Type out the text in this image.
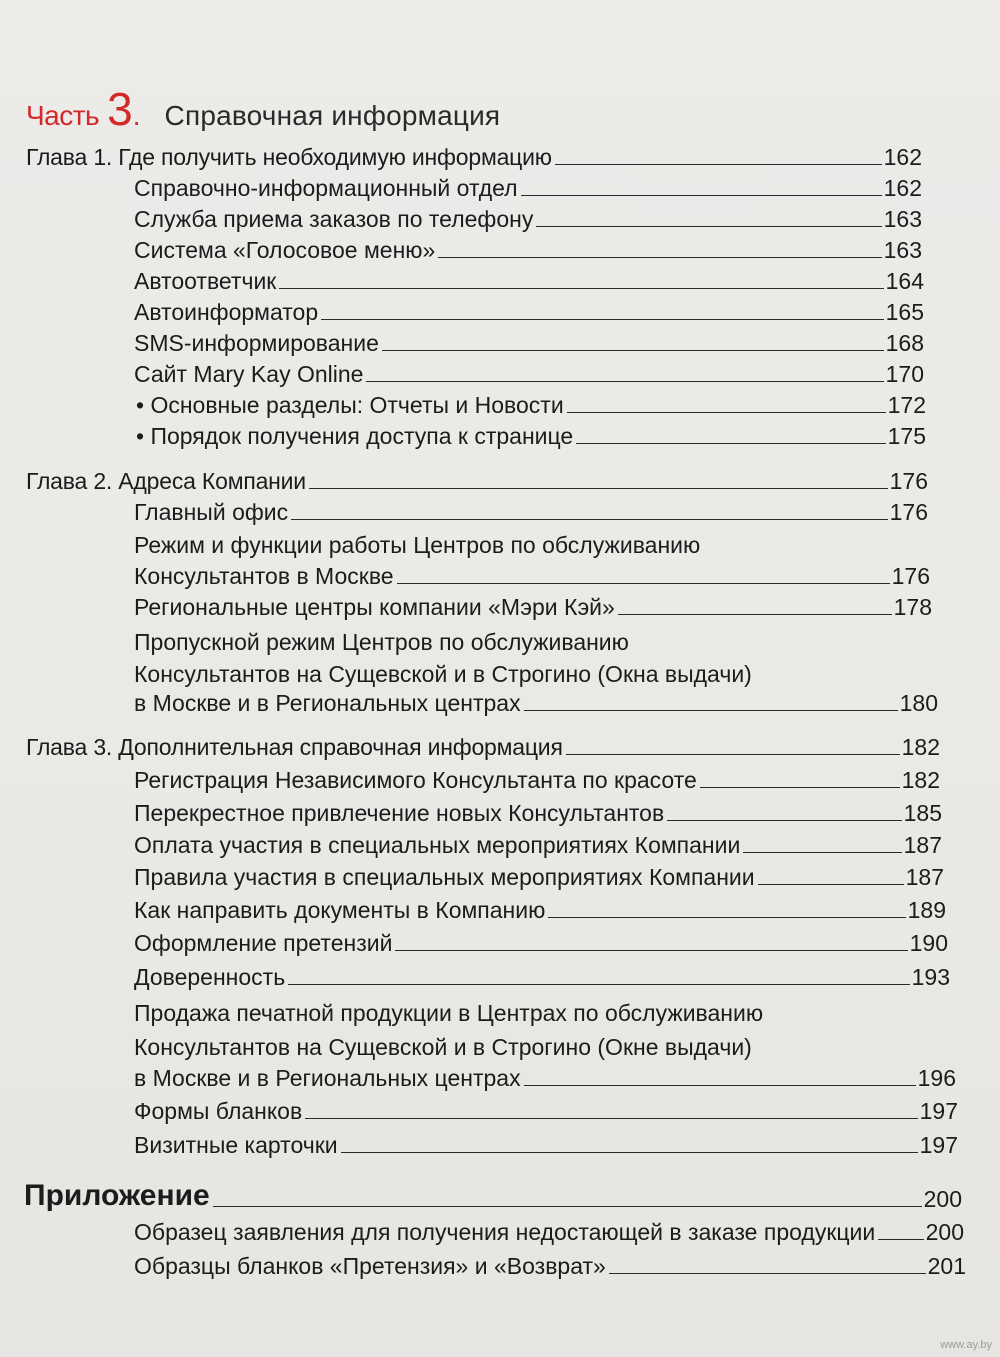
Часть 3 . Справочная информация
Глава 1. Где получить необходимую информацию	162
Справочно-информационный отдел	162
Служба приема заказов по телефону	163
Система «Голосовое меню»	163
Автоответчик	164
Автоинформатор	165
SMS-информирование	168
Сайт Mary Kay Online	170
• Основные разделы: Отчеты и Новости	172
• Порядок получения доступа к странице	175
Глава 2. Адреса Компании	176
Главный офис	176
Режим и функции работы Центров по обслуживанию
Консультантов в Москве	176
Региональные центры компании «Мэри Кэй»	178
Пропускной режим Центров по обслуживанию
Консультантов на Сущевской и в Строгино (Окна выдачи)
в Москве и в Региональных центрах	180
Глава 3. Дополнительная справочная информация	182
Регистрация Независимого Консультанта по красоте	182
Перекрестное привлечение новых Консультантов	185
Оплата участия в специальных мероприятиях Компании	187
Правила участия в специальных мероприятиях Компании	187
Как направить документы в Компанию	189
Оформление претензий	190
Доверенность	193
Продажа печатной продукции в Центрах по обслуживанию
Консультантов на Сущевской и в Строгино (Окне выдачи)
в Москве и в Региональных центрах	196
Формы бланков	197
Визитные карточки	197
Приложение	200
Образец заявления для получения недостающей в заказе продукции 200
Образцы бланков «Претензия» и «Возврат»	201
www.ay.by
